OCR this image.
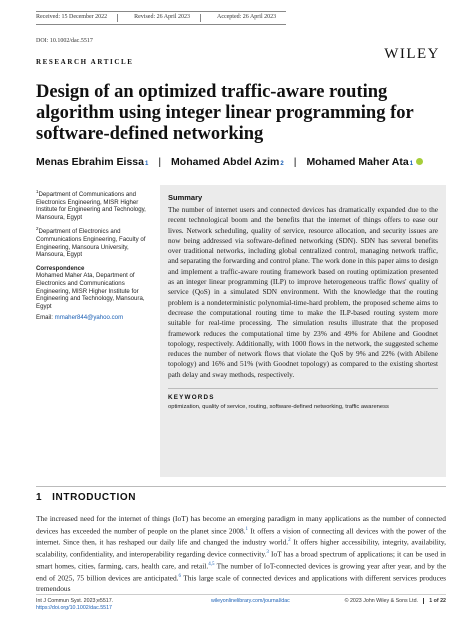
Received: 15 December 2022	Revised: 26 April 2023	Accepted: 26 April 2023
DOI: 10.1002/dac.5517
WILEY
RESEARCH ARTICLE
Design of an optimized traffic-aware routing algorithm using integer linear programming for software-defined networking
Menas Ebrahim Eissa 1 | Mohamed Abdel Azim 2 | Mohamed Maher Ata 1

$^1$Department of Communications and Electronics Engineering, MISR Higher Institute for Engineering and Technology, Mansoura, Egypt

$^2$Department of Electronics and Communications Engineering, Faculty of Engineering, Mansoura University, Mansoura, Egypt

Correspondence

Mohamed Maher Ata, Department of Electronics and Communications Engineering, MISR Higher Institute for Engineering and Technology, Mansoura, Egypt

Email: mmaher844@yahoo.com

Summary

The number of internet users and connected devices has dramatically expanded due to the recent technological boom and the benefits that the internet of things offers to ease our lives. Network scheduling, quality of service, resource allocation, and security issues are now being addressed via software-defined networking (SDN). SDN has several benefits over traditional networks, including global centralized control, managing network traffic, and separating the forwarding and control plane. The work done in this paper aims to design and implement a traffic-aware routing framework based on routing optimization presented as an integer linear programming (ILP) to improve heterogeneous traffic flows' quality of service (QoS) in a simulated SDN environment. With the knowledge that the routing problem is a nondeterministic polynomial-time-hard problem, the proposed scheme aims to decrease the computational routing time to make the ILP-based routing system more suitable for real-time processing. The simulation results illustrate that the proposed framework reduces the computational time by 23% and 49% for Abilene and Goodnet topology, respectively. Additionally, with 1000 flows in the network, the suggested scheme reduces the number of network flows that violate the QoS by 9% and 22% (with Abilene topology) and 16% and 51% (with Goodnet topology) as compared to the existing shortest path delay and sway methods, respectively.

KEYWORDS
optimization, quality of service, routing, software-defined networking, traffic awareness
1 INTRODUCTION

The increased need for the internet of things (IoT) has become an emerging paradigm in many applications as the number of connected devices has exceeded the number of people on the planet since 2008.$^1$ It offers a vision of connecting all devices with the power of the internet. Since then, it has reshaped our daily life and changed the industry world.$^2$ It offers higher accessibility, integrity, availability, scalability, confidentiality, and interoperability regarding device connectivity.$^3$ IoT has a broad spectrum of applications; it can be used in smart homes, cities, farming, cars, health care, and retail.$^{4,5}$ The number of IoT-connected devices is growing year after year, and by the end of 2025, 75 billion devices are anticipated.$^6$ This large scale of connected devices and applications with different services produces tremendous

Int J Commun Syst. 2023;e5517.
https://doi.org/10.1002/dac.5517
wileyonlinelibrary.com/journal/dac	© 2023 John Wiley & Sons Ltd.	1 of 22
